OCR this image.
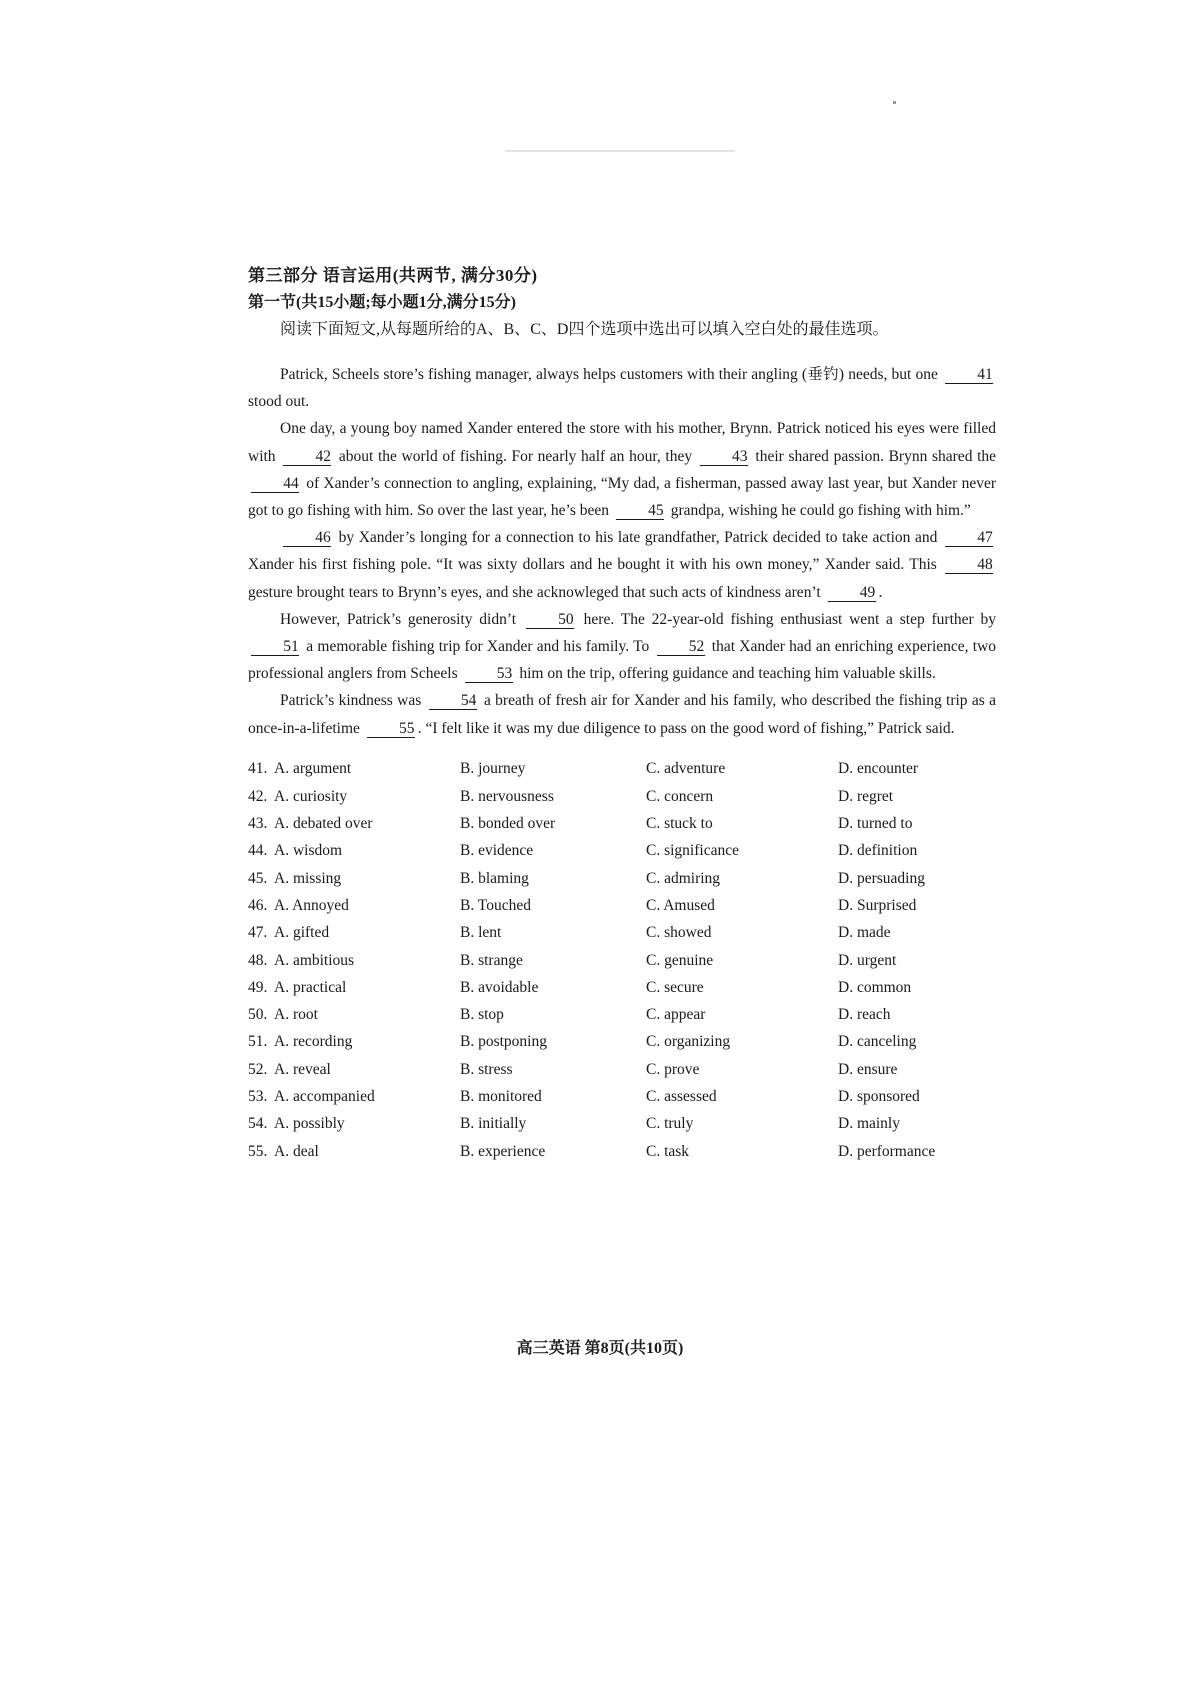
第三部分 语言运用(共两节, 满分30分)
第一节(共15小题;每小题1分,满分15分)
阅读下面短文,从每题所给的A、B、C、D四个选项中选出可以填入空白处的最佳选项。

Patrick, Scheels store’s fishing manager, always helps customers with their angling (垂钓) needs, but one	41 stood out.

One day, a young boy named Xander entered the store with his mother, Brynn. Patrick noticed his eyes were filled with	42 about the world of fishing. For nearly half an hour, they	43 their shared passion. Brynn shared the 44 of Xander’s connection to angling, explaining, “My dad, a fisherman, passed away last year, but Xander never got to go fishing with him. So over the last year, he’s been	45 grandpa, wishing he could go fishing with him.”

46 by Xander’s longing for a connection to his late grandfather, Patrick decided to take action and	47 Xander his first fishing pole. “It was sixty dollars and he bought it with his own money,” Xander said. This	48 gesture brought tears to Brynn’s eyes, and she acknowleged that such acts of kindness aren’t	49 .

However, Patrick’s generosity didn’t	50 here. The 22-year-old fishing enthusiast went a step further by 51 a memorable fishing trip for Xander and his family. To	52 that Xander had an enriching experience, two professional anglers from Scheels	53 him on the trip, offering guidance and teaching him valuable skills.

Patrick’s kindness was	54 a breath of fresh air for Xander and his family, who described the fishing trip as a once-in-a-lifetime	55 . “I felt like it was my due diligence to pass on the good word of fishing,” Patrick said.

41. A. argument	B. journey	C. adventure	D. encounter
42. A. curiosity	B. nervousness	C. concern	D. regret
43. A. debated over	B. bonded over	C. stuck to	D. turned to
44. A. wisdom	B. evidence	C. significance	D. definition
45. A. missing	B. blaming	C. admiring	D. persuading
46. A. Annoyed	B. Touched	C. Amused	D. Surprised
47. A. gifted	B. lent	C. showed	D. made
48. A. ambitious	B. strange	C. genuine	D. urgent
49. A. practical	B. avoidable	C. secure	D. common
50. A. root	B. stop	C. appear	D. reach
51. A. recording	B. postponing	C. organizing	D. canceling
52. A. reveal	B. stress	C. prove	D. ensure
53. A. accompanied	B. monitored	C. assessed	D. sponsored
54. A. possibly	B. initially	C. truly	D. mainly
55. A. deal	B. experience	C. task	D. performance
高三英语 第8页(共10页)
